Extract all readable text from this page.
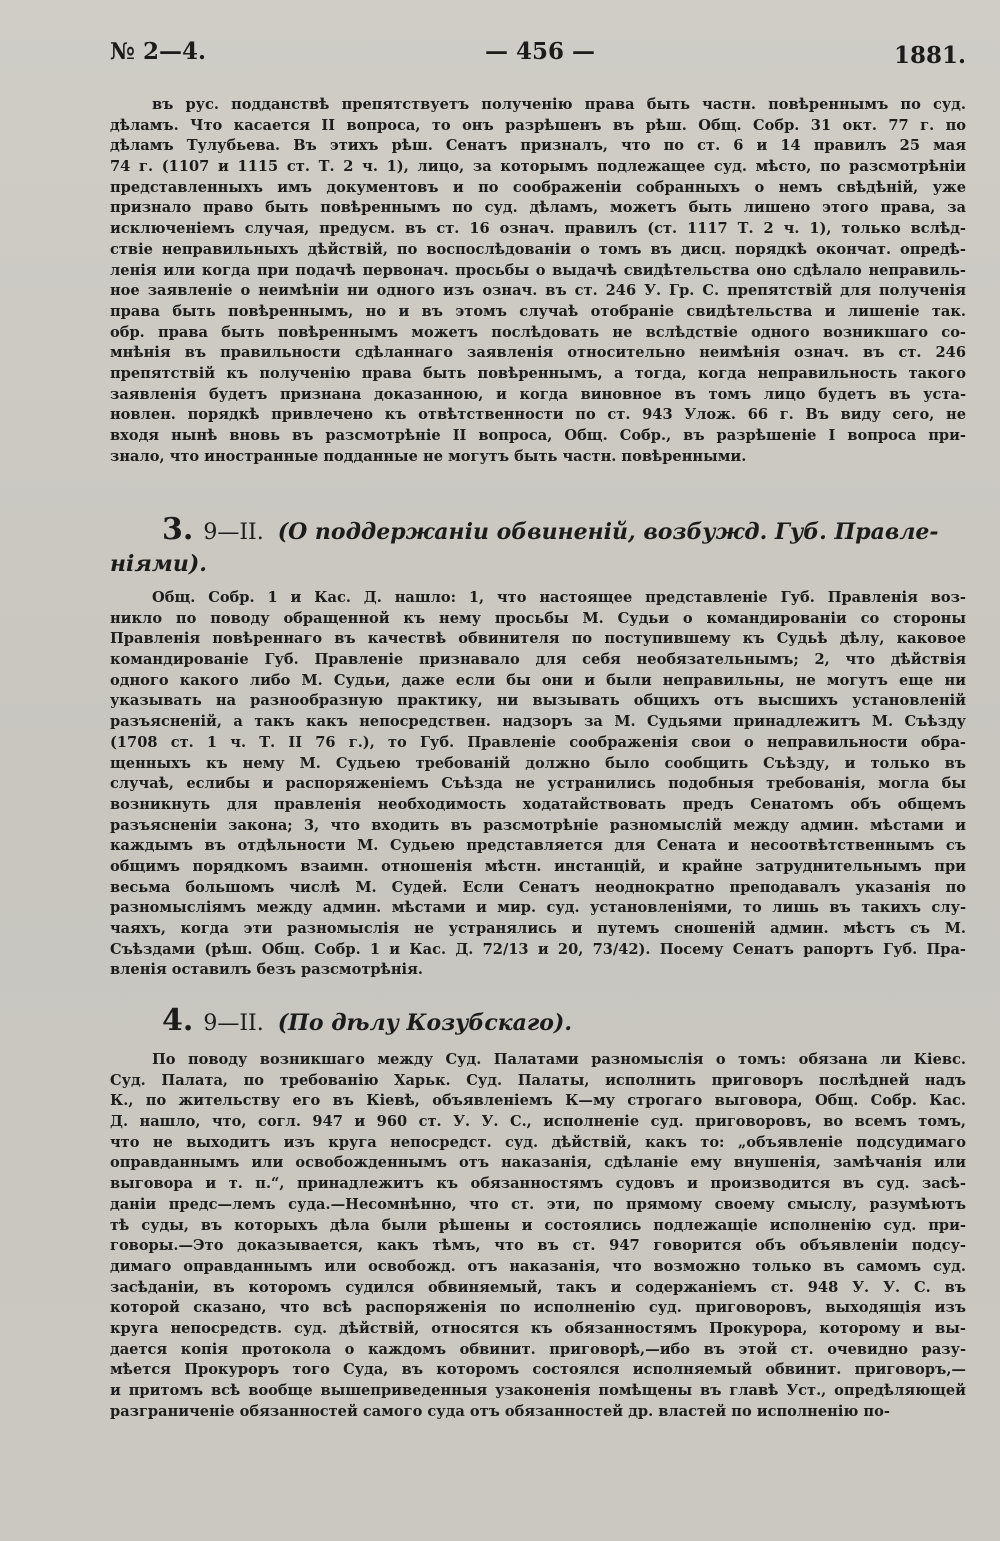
№ 2—4.	— 456 —	1881.
въ рус. подданствѣ препятствуетъ полученію права быть частн. повѣреннымъ по суд.
дѣламъ. Что касается II вопроса, то онъ разрѣшенъ въ рѣш. Общ. Собр. 31 окт. 77 г. по
дѣламъ Тулубьева. Въ этихъ рѣш. Сенатъ призналъ, что по ст. 6 и 14 правилъ 25 мая
74 г. (1107 и 1115 ст. Т. 2 ч. 1), лицо, за которымъ подлежащее суд. мѣсто, по разсмотрѣніи
представленныхъ имъ документовъ и по соображеніи собранныхъ о немъ свѣдѣній, уже
признало право быть повѣреннымъ по суд. дѣламъ, можетъ быть лишено этого права, за
исключеніемъ случая, предусм. въ ст. 16 означ. правилъ (ст. 1117 Т. 2 ч. 1), только вслѣд-
ствіе неправильныхъ дѣйствій, по воспослѣдованіи о томъ въ дисц. порядкѣ окончат. опредѣ-
ленія или когда при подачѣ первонач. просьбы о выдачѣ свидѣтельства оно сдѣлало неправиль-
ное заявленіе о неимѣніи ни одного изъ означ. въ ст. 246 У. Гр. С. препятствій для полученія
права быть повѣреннымъ, но и въ этомъ случаѣ отобраніе свидѣтельства и лишеніе так.
обр. права быть повѣреннымъ можетъ послѣдовать не вслѣдствіе одного возникшаго со-
мнѣнія въ правильности сдѣланнаго заявленія относительно неимѣнія означ. въ ст. 246
препятствій къ полученію права быть повѣреннымъ, а тогда, когда неправильность такого
заявленія будетъ признана доказанною, и когда виновное въ томъ лицо будетъ въ уста-
новлен. порядкѣ привлечено къ отвѣтственности по ст. 943 Улож. 66 г. Въ виду сего, не
входя нынѣ вновь въ разсмотрѣніе II вопроса, Общ. Собр., въ разрѣшеніе I вопроса при-
знало, что иностранные подданные не могутъ быть частн. повѣренными.
3. 9—II. (О поддержаніи обвиненій, возбужд. Губ. Правле-
ніями).
Общ. Собр. 1 и Кас. Д. нашло: 1, что настоящее представленіе Губ. Правленія воз-
никло по поводу обращенной къ нему просьбы М. Судьи о командированіи со стороны
Правленія повѣреннаго въ качествѣ обвинителя по поступившему къ Судьѣ дѣлу, каковое
командированіе Губ. Правленіе признавало для себя необязательнымъ; 2, что дѣйствія
одного какого либо М. Судьи, даже если бы они и были неправильны, не могутъ еще ни
указывать на разнообразную практику, ни вызывать общихъ отъ высшихъ установленій
разъясненій, а такъ какъ непосредствен. надзоръ за М. Судьями принадлежитъ М. Съѣзду
(1708 ст. 1 ч. Т. II 76 г.), то Губ. Правленіе соображенія свои о неправильности обра-
щенныхъ къ нему М. Судьею требованій должно было сообщить Съѣзду, и только въ
случаѣ, еслибы и распоряженіемъ Съѣзда не устранились подобныя требованія, могла бы
возникнуть для правленія необходимость ходатайствовать предъ Сенатомъ объ общемъ
разъясненіи закона; 3, что входить въ разсмотрѣніе разномыслій между админ. мѣстами и
каждымъ въ отдѣльности М. Судьею представляется для Сената и несоотвѣтственнымъ съ
общимъ порядкомъ взаимн. отношенія мѣстн. инстанцій, и крайне затруднительнымъ при
весьма большомъ числѣ М. Судей. Если Сенатъ неоднократно преподавалъ указанія по
разномысліямъ между админ. мѣстами и мир. суд. установленіями, то лишь въ такихъ слу-
чаяхъ, когда эти разномыслія не устранялись и путемъ сношеній админ. мѣстъ съ М.
Съѣздами (рѣш. Общ. Собр. 1 и Кас. Д. 72/13 и 20, 73/42). Посему Сенатъ рапортъ Губ. Пра-
вленія оставилъ безъ разсмотрѣнія.
4. 9—II. (По дѣлу Козубскаго).
По поводу возникшаго между Суд. Палатами разномыслія о томъ: обязана ли Кіевс.
Суд. Палата, по требованію Харьк. Суд. Палаты, исполнить приговоръ послѣдней надъ
К., по жительству его въ Кіевѣ, объявленіемъ К—му строгаго выговора, Общ. Собр. Кас.
Д. нашло, что, согл. 947 и 960 ст. У. У. С., исполненіе суд. приговоровъ, во всемъ томъ,
что не выходитъ изъ круга непосредст. суд. дѣйствій, какъ то: „объявленіе подсудимаго
оправданнымъ или освобожденнымъ отъ наказанія, сдѣланіе ему внушенія, замѣчанія или
выговора и т. п.“, принадлежитъ къ обязанностямъ судовъ и производится въ суд. засѣ-
даніи предс—лемъ суда.—Несомнѣнно, что ст. эти, по прямому своему смыслу, разумѣютъ
тѣ суды, въ которыхъ дѣла были рѣшены и состоялись подлежащіе исполненію суд. при-
говоры.—Это доказывается, какъ тѣмъ, что въ ст. 947 говорится объ объявленіи подсу-
димаго оправданнымъ или освобожд. отъ наказанія, что возможно только въ самомъ суд.
засѣданіи, въ которомъ судился обвиняемый, такъ и содержаніемъ ст. 948 У. У. С. въ
которой сказано, что всѣ распоряженія по исполненію суд. приговоровъ, выходящія изъ
круга непосредств. суд. дѣйствій, относятся къ обязанностямъ Прокурора, которому и вы-
дается копія протокола о каждомъ обвинит. приговорѣ,—ибо въ этой ст. очевидно разу-
мѣется Прокуроръ того Суда, въ которомъ состоялся исполняемый обвинит. приговоръ,—
и притомъ всѣ вообще вышеприведенныя узаконенія помѣщены въ главѣ Уст., опредѣляющей
разграниченіе обязанностей самого суда отъ обязанностей др. властей по исполненію по-
